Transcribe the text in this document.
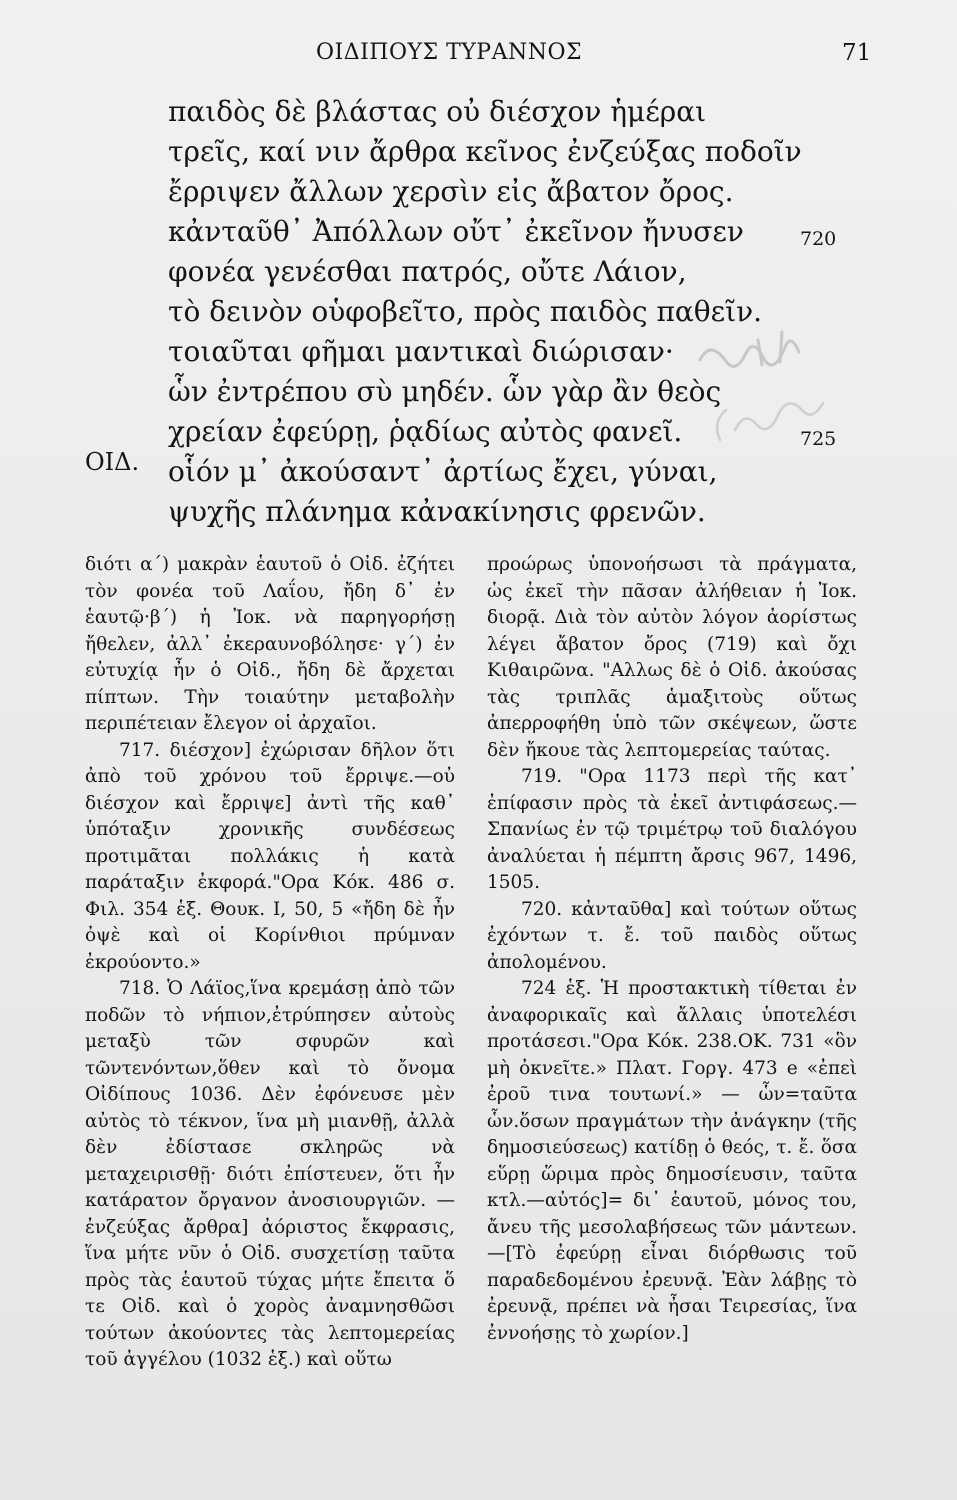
ΟΙΔΙΠΟΥΣ ΤΥΡΑΝΝΟΣ	71
παιδὸς δὲ βλάστας οὐ διέσχον ἡμέραι
τρεῖς, καί νιν ἄρθρα κεῖνος ἐνζεύξας ποδοῖν
ἔρριψεν ἄλλων χερσὶν εἰς ἄβατον ὄρος.
κἀνταῦθ᾽ Ἀπόλλων οὔτ᾽ ἐκεῖνον ἤνυσεν
φονέα γενέσθαι πατρός, οὔτε Λάιον,
τὸ δεινὸν οὑφοβεῖτο, πρὸς παιδὸς παθεῖν.
τοιαῦται φῆμαι μαντικαὶ διώρισαν·
ὧν ἐντρέπου σὺ μηδέν. ὧν γὰρ ἂν θεὸς
χρείαν ἐφεύρῃ, ῥᾳδίως αὐτὸς φανεῖ.
οἷόν μ᾽ ἀκούσαντ᾽ ἀρτίως ἔχει, γύναι,
ψυχῆς πλάνημα κἀνακίνησις φρενῶν.
720
725
ΟΙΔ.

διότι α΄) μακρὰν ἑαυτοῦ ὁ Οἰδ. ἐζήτει τὸν φονέα τοῦ Λαΐου, ἤδη δ᾽ ἐν ἑαυτῷ·β΄) ἡ Ἰοκ. νὰ παρηγορήσῃ ἤθελεν, ἀλλ᾽ ἐκεραυνοβόλησε· γ΄) ἐν εὐτυχίᾳ ἦν ὁ Οἰδ., ἤδη δὲ ἄρχεται πίπτων. Τὴν τοιαύτην μεταβολὴν περιπέτειαν ἔλεγον οἱ ἀρχαῖοι.

717. διέσχον] ἐχώρισαν δῆλον ὅτι ἀπὸ τοῦ χρόνου τοῦ ἔρριψε.—οὐ διέσχον καὶ ἔρριψε] ἀντὶ τῆς καθ᾽ ὑπόταξιν χρονικῆς συνδέσεως προτιμᾶται πολλάκις ἡ κατὰ παράταξιν ἐκφορά."Ορα Κόκ. 486 σ. Φιλ. 354 ἑξ. Θουκ. I, 50, 5 «ἤδη δὲ ἦν ὀψὲ καὶ οἱ Κορίνθιοι πρύμναν ἐκρούοντο.»

718. Ὁ Λάϊος,ἵνα κρεμάσῃ ἀπὸ τῶν ποδῶν τὸ νήπιον,ἐτρύπησεν αὐτοὺς μεταξὺ τῶν σφυρῶν καὶ τῶντενόντων,ὅθεν καὶ τὸ ὄνομα Οἰδίπους 1036. Δὲν ἐφόνευσε μὲν αὐτὸς τὸ τέκνον, ἵνα μὴ μιανθῇ, ἀλλὰ δὲν ἐδίστασε σκληρῶς νὰ μεταχειρισθῇ· διότι ἐπίστευεν, ὅτι ἦν κατάρατον ὄργανον ἀνοσιουργιῶν. — ἐνζεύξας ἄρθρα] ἀόριστος ἔκφρασις, ἵνα μήτε νῦν ὁ Οἰδ. συσχετίσῃ ταῦτα πρὸς τὰς ἑαυτοῦ τύχας μήτε ἔπειτα ὅ τε Οἰδ. καὶ ὁ χορὸς ἀναμνησθῶσι τούτων ἀκούοντες τὰς λεπτομερείας τοῦ ἀγγέλου (1032 ἑξ.) καὶ οὕτω

προώρως ὑπονοήσωσι τὰ πράγματα, ὡς ἐκεῖ τὴν πᾶσαν ἀλήθειαν ἡ Ἰοκ. διορᾷ. Διὰ τὸν αὐτὸν λόγον ἀορίστως λέγει ἄβατον ὄρος (719) καὶ ὄχι Κιθαιρῶνα. "Αλλως δὲ ὁ Οἰδ. ἀκούσας τὰς τριπλᾶς ἁμαξιτοὺς οὕτως ἀπερροφήθη ὑπὸ τῶν σκέψεων, ὥστε δὲν ἤκουε τὰς λεπτομερείας ταύτας.

719. "Ορα 1173 περὶ τῆς κατ᾽ ἐπίφασιν πρὸς τὰ ἐκεῖ ἀντιφάσεως.—Σπανίως ἐν τῷ τριμέτρῳ τοῦ διαλόγου ἀναλύεται ἡ πέμπτη ἄρσις 967, 1496, 1505.

720. κἀνταῦθα] καὶ τούτων οὕτως ἐχόντων τ. ἔ. τοῦ παιδὸς οὕτως ἀπολομένου.

724 ἑξ. Ἡ προστακτικὴ τίθεται ἐν ἀναφορικαῖς καὶ ἄλλαις ὑποτελέσι προτάσεσι."Ορα Κόκ. 238.ΟΚ. 731 «ὃν μὴ ὀκνεῖτε.» Πλατ. Γοργ. 473 e «ἐπεὶ ἐροῦ τινα τουτωνί.» — ὧν=ταῦτα ὧν.ὅσων πραγμάτων τὴν ἀνάγκην (τῆς δημοσιεύσεως) κατίδῃ ὁ θεός, τ. ἔ. ὅσα εὕρῃ ὥριμα πρὸς δημοσίευσιν, ταῦτα κτλ.—αὐτός]= δι᾽ ἑαυτοῦ, μόνος του, ἄνευ τῆς μεσολαβήσεως τῶν μάντεων.—[Τὸ ἐφεύρῃ εἶναι διόρθωσις τοῦ παραδεδομένου ἐρευνᾷ. Ἐὰν λάβῃς τὸ ἐρευνᾷ, πρέπει νὰ ἦσαι Τειρεσίας, ἵνα ἐννοήσῃς τὸ χωρίον.]
